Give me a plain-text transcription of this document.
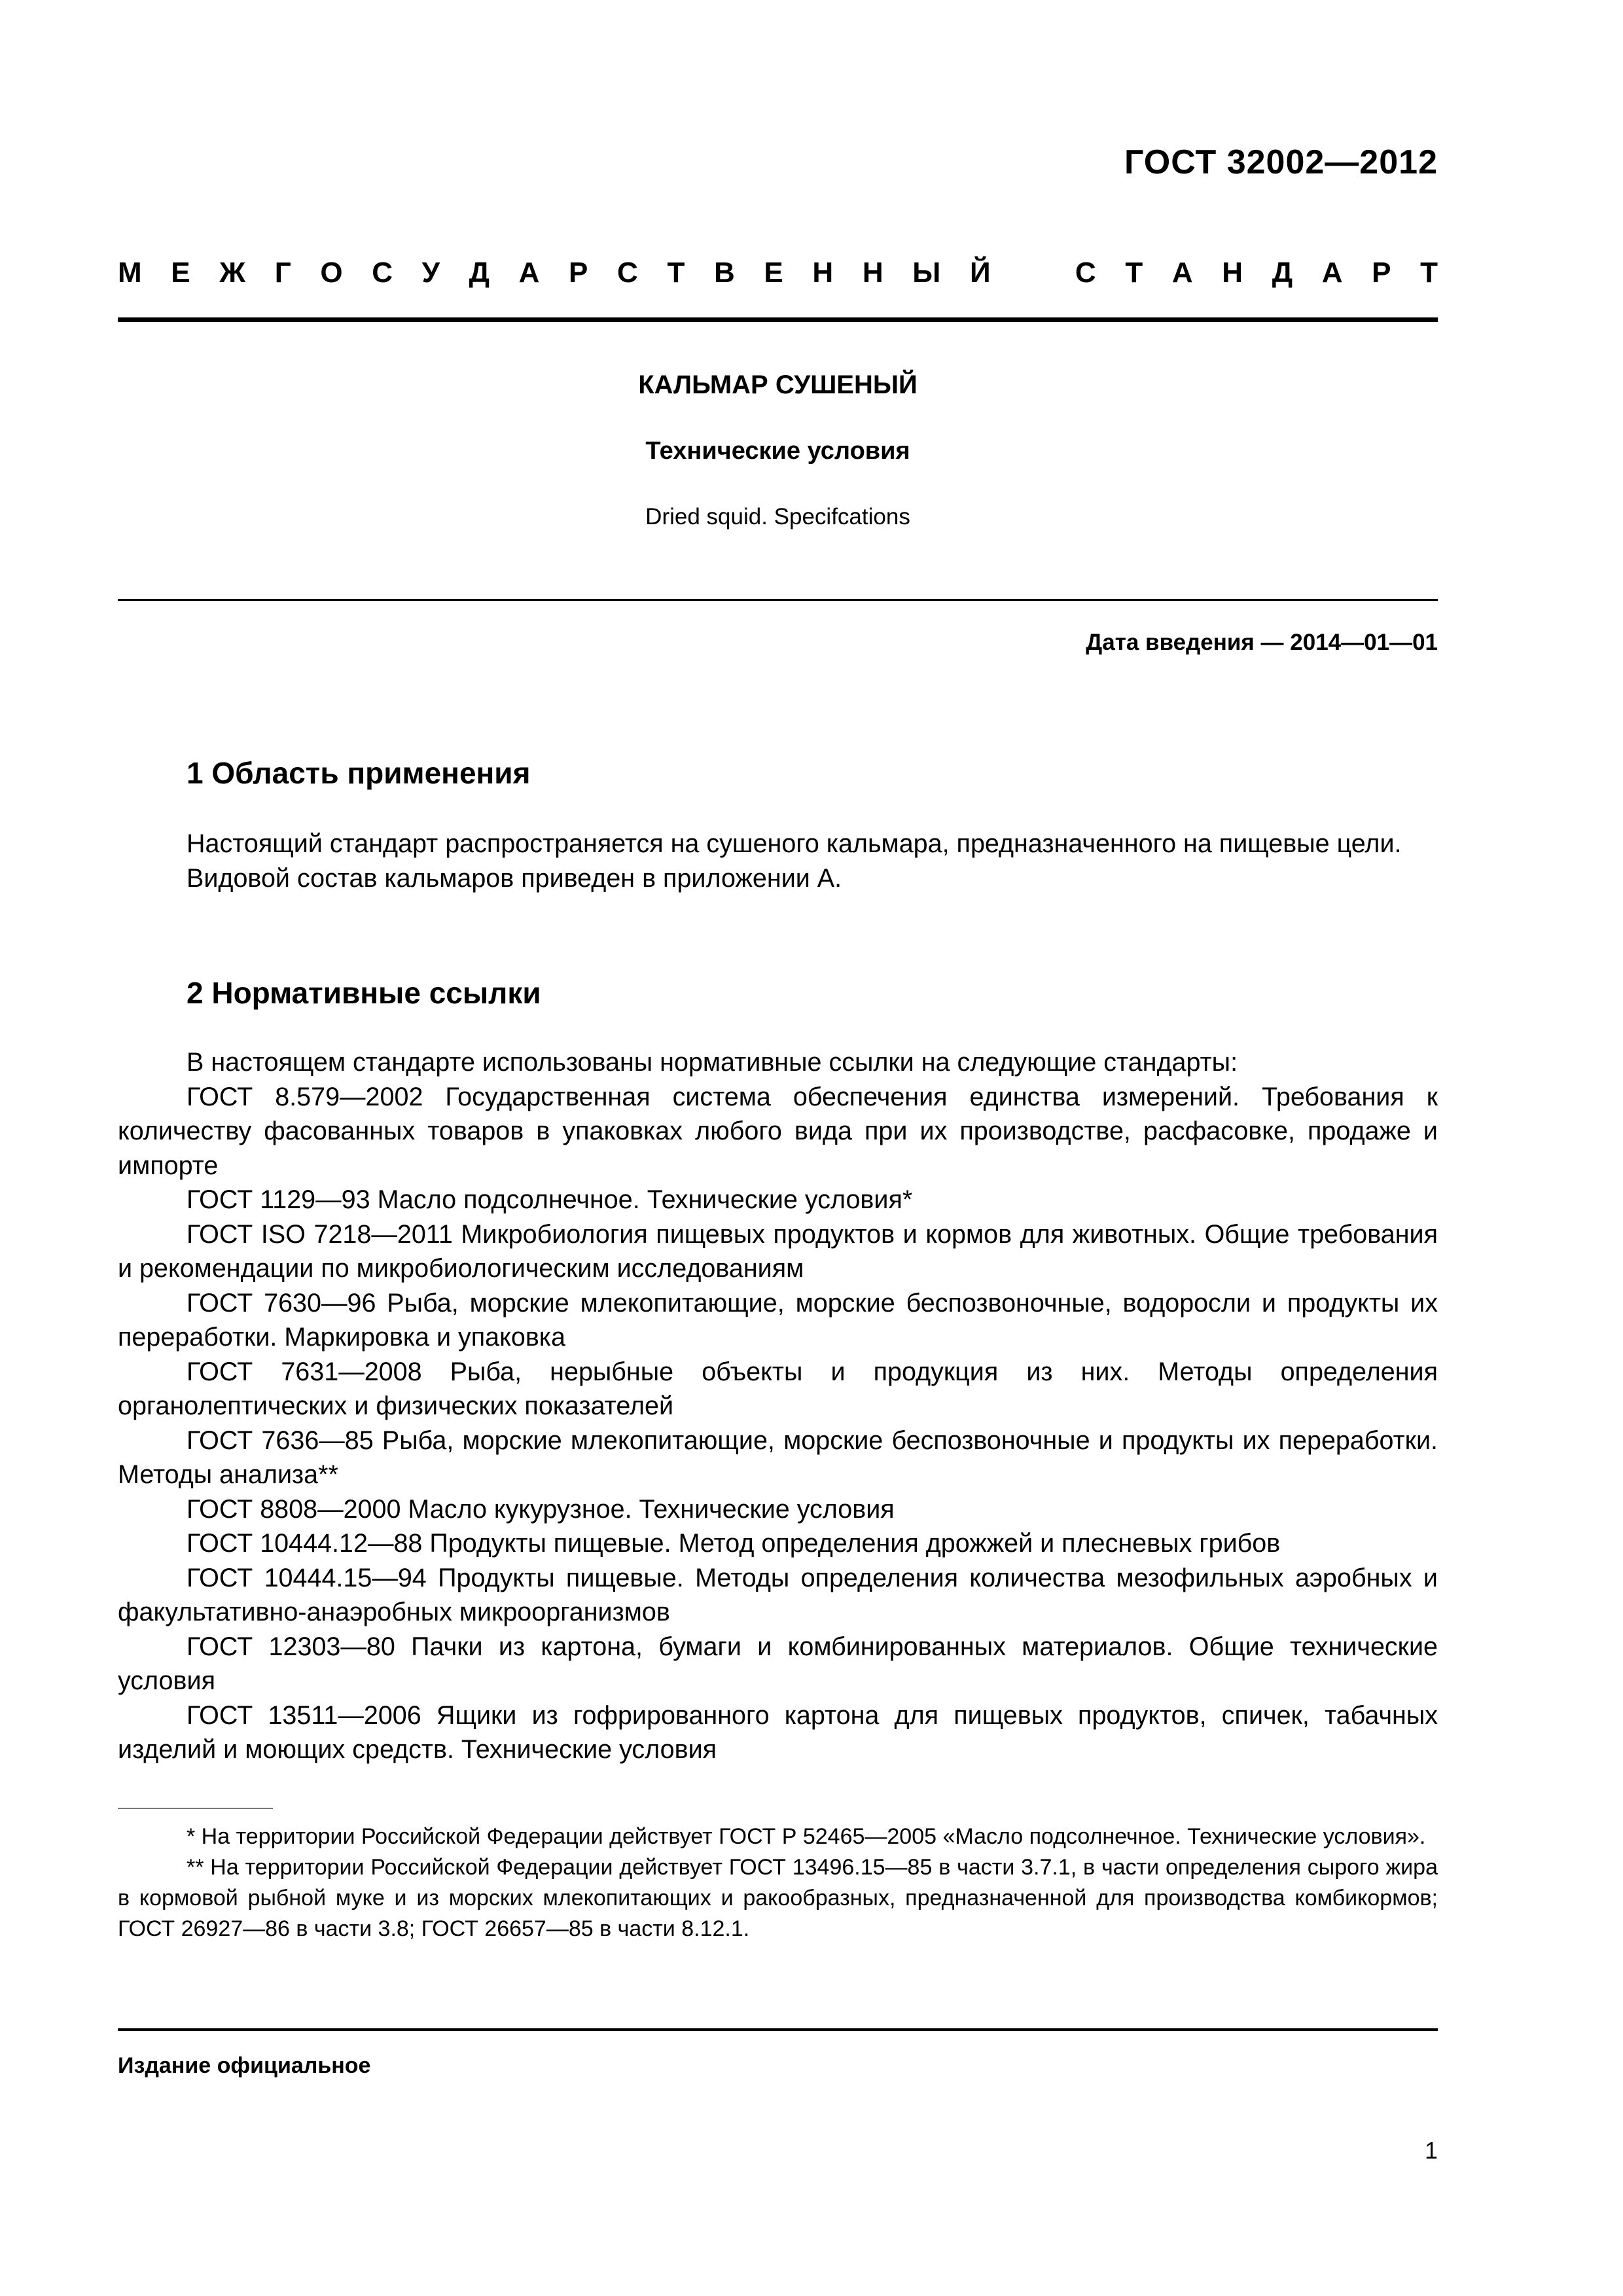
ГОСТ 32002—2012
М Е Ж Г О С У Д А Р С Т В Е Н Н Ы Й	С Т А Н Д А Р Т
КАЛЬМАР СУШЕНЫЙ
Технические условия
Dried squid. Specifcations
Дата введения — 2014—01—01
1 Область применения

Настоящий стандарт распространяется на сушеного кальмара, предназначенного на пищевые цели.

Видовой состав кальмаров приведен в приложении А.

2 Нормативные ссылки

В настоящем стандарте использованы нормативные ссылки на следующие стандарты:

ГОСТ 8.579—2002 Государственная система обеспечения единства измерений. Требования к количеству фасованных товаров в упаковках любого вида при их производстве, расфасовке, продаже и импорте

ГОСТ 1129—93 Масло подсолнечное. Технические условия*

ГОСТ ISO 7218—2011 Микробиология пищевых продуктов и кормов для животных. Общие требования и рекомендации по микробиологическим исследованиям

ГОСТ 7630—96 Рыба, морские млекопитающие, морские беспозвоночные, водоросли и продукты их переработки. Маркировка и упаковка

ГОСТ 7631—2008 Рыба, нерыбные объекты и продукция из них. Методы определения органолептических и физических показателей

ГОСТ 7636—85 Рыба, морские млекопитающие, морские беспозвоночные и продукты их переработки. Методы анализа**

ГОСТ 8808—2000 Масло кукурузное. Технические условия

ГОСТ 10444.12—88 Продукты пищевые. Метод определения дрожжей и плесневых грибов

ГОСТ 10444.15—94 Продукты пищевые. Методы определения количества мезофильных аэробных и факультативно-анаэробных микроорганизмов

ГОСТ 12303—80 Пачки из картона, бумаги и комбинированных материалов. Общие технические условия

ГОСТ 13511—2006 Ящики из гофрированного картона для пищевых продуктов, спичек, табачных изделий и моющих средств. Технические условия

* На территории Российской Федерации действует ГОСТ Р 52465—2005 «Масло подсолнечное. Технические условия».

** На территории Российской Федерации действует ГОСТ 13496.15—85 в части 3.7.1, в части определения сырого жира в кормовой рыбной муке и из морских млекопитающих и ракообразных, предназначенной для производства комбикормов; ГОСТ 26927—86 в части 3.8; ГОСТ 26657—85 в части 8.12.1.

Издание официальное
1
